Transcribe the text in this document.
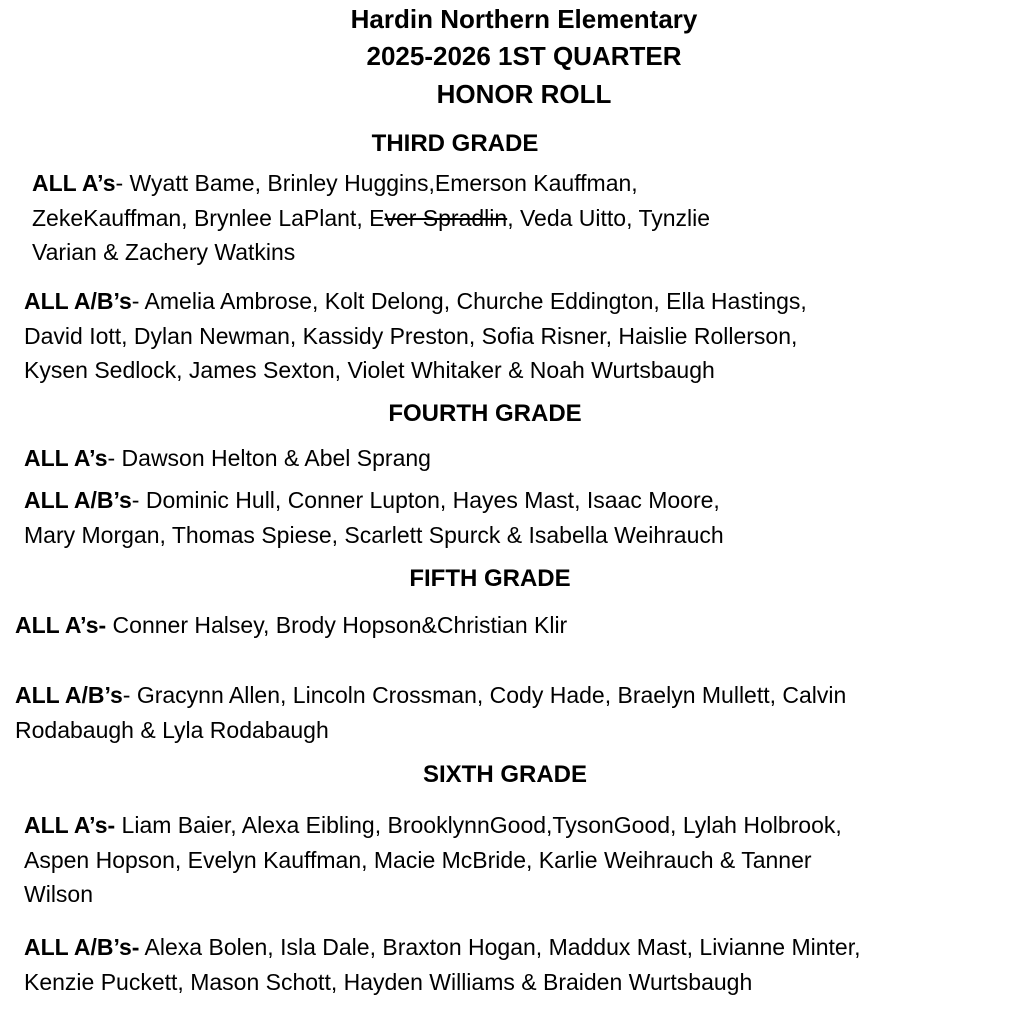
Hardin Northern Elementary
2025-2026 1ST QUARTER
HONOR ROLL
THIRD GRADE
ALL A’s- Wyatt Bame, Brinley Huggins,Emerson Kauffman,
ZekeKauffman, Brynlee LaPlant, Ever Spradlin, Veda Uitto, Tynzlie
Varian & Zachery Watkins
ALL A/B’s- Amelia Ambrose, Kolt Delong, Churche Eddington, Ella Hastings,
David Iott, Dylan Newman, Kassidy Preston, Sofia Risner, Haislie Rollerson,
Kysen Sedlock, James Sexton, Violet Whitaker & Noah Wurtsbaugh
FOURTH GRADE
ALL A’s- Dawson Helton & Abel Sprang
ALL A/B’s- Dominic Hull, Conner Lupton, Hayes Mast, Isaac Moore,
Mary Morgan, Thomas Spiese, Scarlett Spurck & Isabella Weihrauch
FIFTH GRADE
ALL A’s- Conner Halsey, Brody Hopson&Christian Klir
ALL A/B’s- Gracynn Allen, Lincoln Crossman, Cody Hade, Braelyn Mullett, Calvin
Rodabaugh & Lyla Rodabaugh
SIXTH GRADE
ALL A’s- Liam Baier, Alexa Eibling, BrooklynnGood,TysonGood, Lylah Holbrook,
Aspen Hopson, Evelyn Kauffman, Macie McBride, Karlie Weihrauch & Tanner
Wilson
ALL A/B’s- Alexa Bolen, Isla Dale, Braxton Hogan, Maddux Mast, Livianne Minter,
Kenzie Puckett, Mason Schott, Hayden Williams & Braiden Wurtsbaugh
